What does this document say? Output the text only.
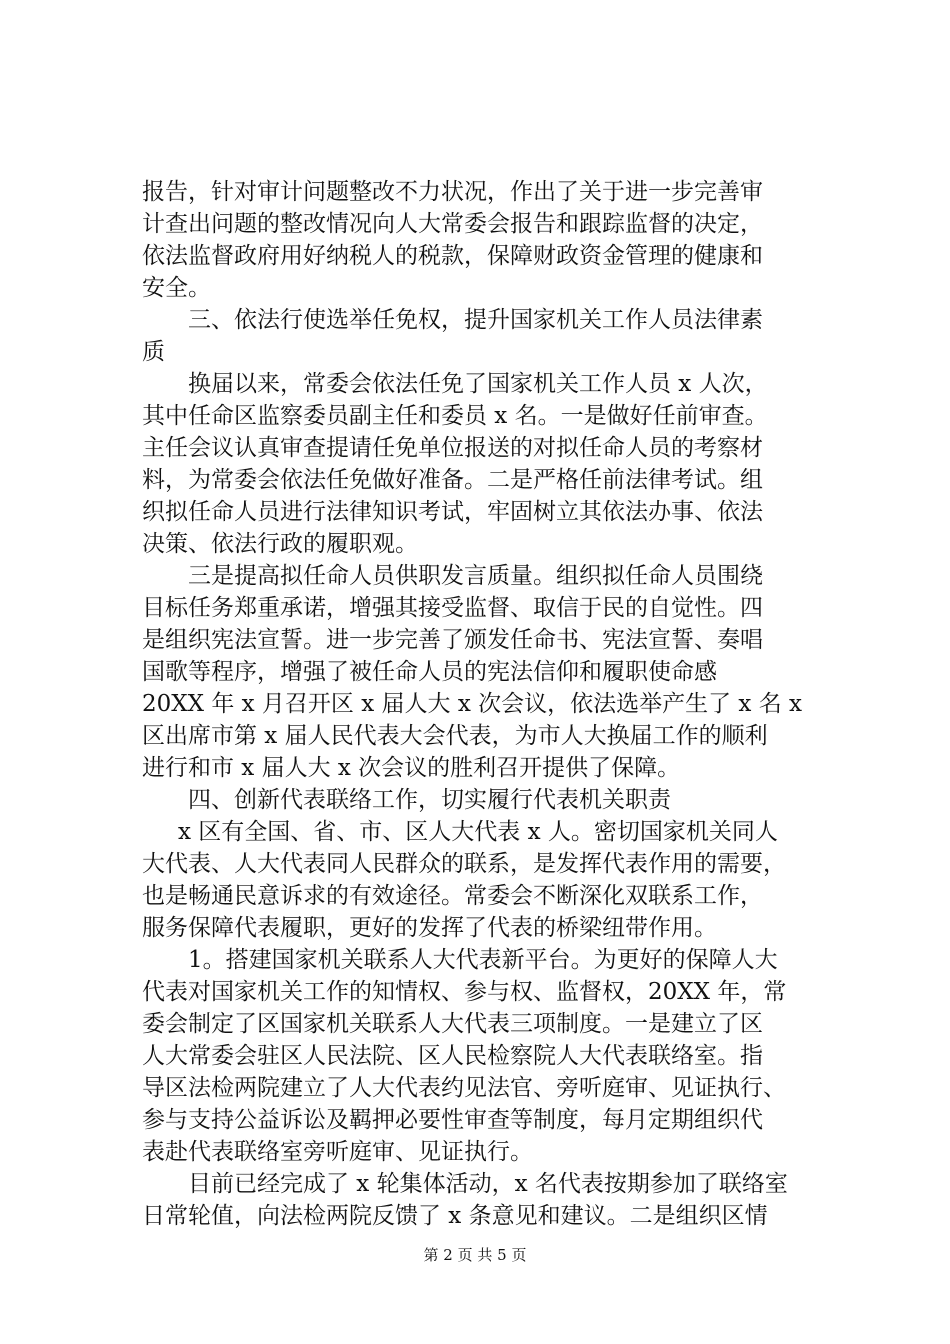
报告，针对审计问题整改不力状况，作出了关于进一步完善审
计查出问题的整改情况向人大常委会报告和跟踪监督的决定，
依法监督政府用好纳税人的税款，保障财政资金管理的健康和
安全。
三、依法行使选举任免权，提升国家机关工作人员法律素
质
换届以来，常委会依法任免了国家机关工作人员 x 人次，
其中任命区监察委员副主任和委员 x 名。一是做好任前审查。
主任会议认真审查提请任免单位报送的对拟任命人员的考察材
料，为常委会依法任免做好准备。二是严格任前法律考试。组
织拟任命人员进行法律知识考试，牢固树立其依法办事、依法
决策、依法行政的履职观。
三是提高拟任命人员供职发言质量。组织拟任命人员围绕
目标任务郑重承诺，增强其接受监督、取信于民的自觉性。四
是组织宪法宣誓。进一步完善了颁发任命书、宪法宣誓、奏唱
国歌等程序，增强了被任命人员的宪法信仰和履职使命感
20XX 年 x 月召开区 x 届人大 x 次会议，依法选举产生了 x 名 x
区出席市第 x 届人民代表大会代表，为市人大换届工作的顺利
进行和市 x 届人大 x 次会议的胜利召开提供了保障。
四、创新代表联络工作，切实履行代表机关职责
x 区有全国、省、市、区人大代表 x 人。密切国家机关同人
大代表、人大代表同人民群众的联系，是发挥代表作用的需要，
也是畅通民意诉求的有效途径。常委会不断深化双联系工作，
服务保障代表履职，更好的发挥了代表的桥梁纽带作用。
1。搭建国家机关联系人大代表新平台。为更好的保障人大
代表对国家机关工作的知情权、参与权、监督权，20XX 年，常
委会制定了区国家机关联系人大代表三项制度。一是建立了区
人大常委会驻区人民法院、区人民检察院人大代表联络室。指
导区法检两院建立了人大代表约见法官、旁听庭审、见证执行、
参与支持公益诉讼及羁押必要性审查等制度，每月定期组织代
表赴代表联络室旁听庭审、见证执行。
目前已经完成了 x 轮集体活动，x 名代表按期参加了联络室
日常轮值，向法检两院反馈了 x 条意见和建议。二是组织区情
第 2 页 共 5 页
